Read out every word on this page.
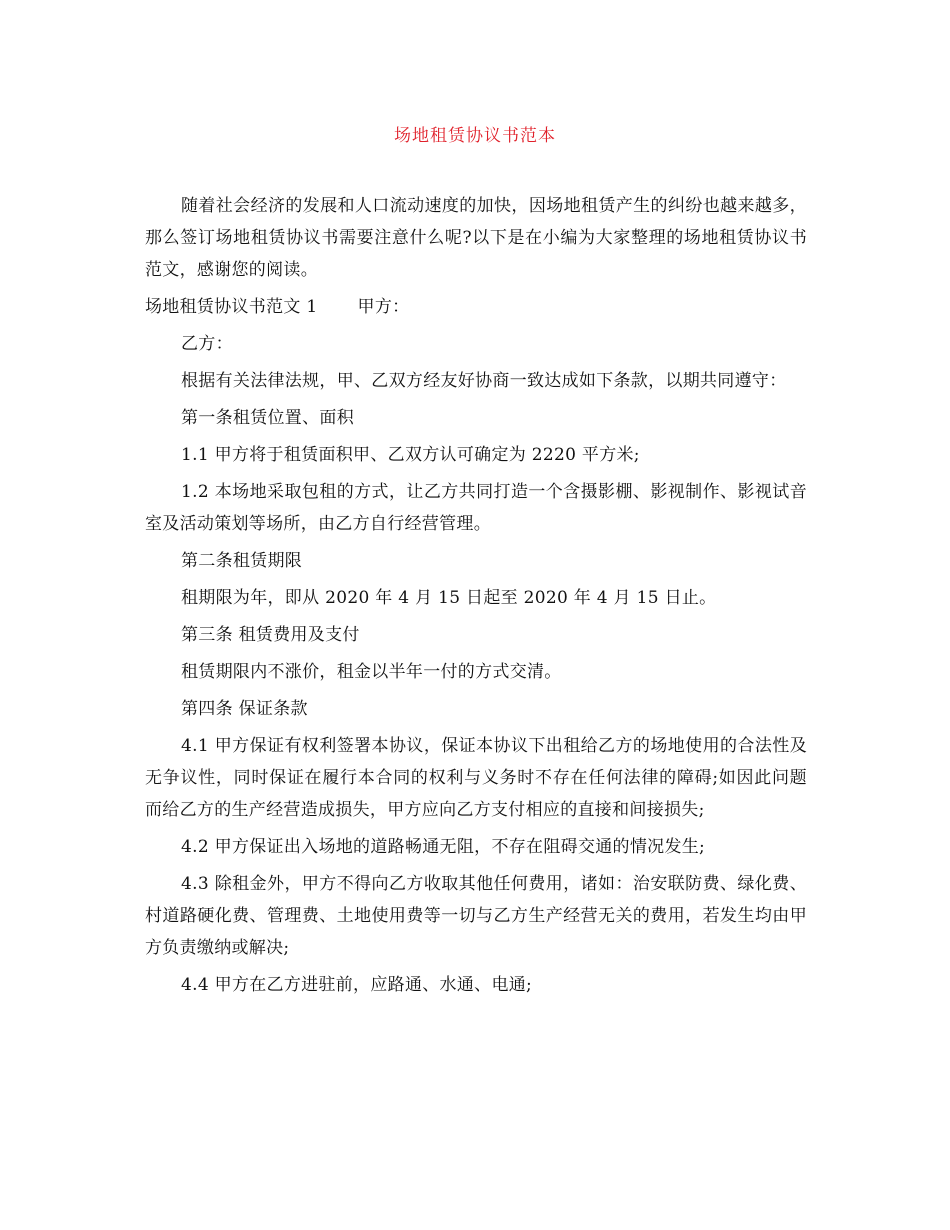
场地租赁协议书范本

随着社会经济的发展和人口流动速度的加快，因场地租赁产生的纠纷也越来越多，那么签订场地租赁协议书需要注意什么呢?以下是在小编为大家整理的场地租赁协议书范文，感谢您的阅读。

场地租赁协议书范文 1 甲方：

乙方：

根据有关法律法规，甲、乙双方经友好协商一致达成如下条款，以期共同遵守：

第一条租赁位置、面积

1.1 甲方将于租赁面积甲、乙双方认可确定为 2220 平方米;

1.2 本场地采取包租的方式，让乙方共同打造一个含摄影棚、影视制作、影视试音室及活动策划等场所，由乙方自行经营管理。

第二条租赁期限

租期限为年，即从 2020 年 4 月 15 日起至 2020 年 4 月 15 日止。

第三条 租赁费用及支付

租赁期限内不涨价，租金以半年一付的方式交清。

第四条 保证条款

4.1 甲方保证有权利签署本协议，保证本协议下出租给乙方的场地使用的合法性及无争议性，同时保证在履行本合同的权利与义务时不存在任何法律的障碍;如因此问题而给乙方的生产经营造成损失，甲方应向乙方支付相应的直接和间接损失;

4.2 甲方保证出入场地的道路畅通无阻，不存在阻碍交通的情况发生;

4.3 除租金外，甲方不得向乙方收取其他任何费用，诸如：治安联防费、绿化费、村道路硬化费、管理费、土地使用费等一切与乙方生产经营无关的费用，若发生均由甲方负责缴纳或解决;

4.4 甲方在乙方进驻前，应路通、水通、电通;
